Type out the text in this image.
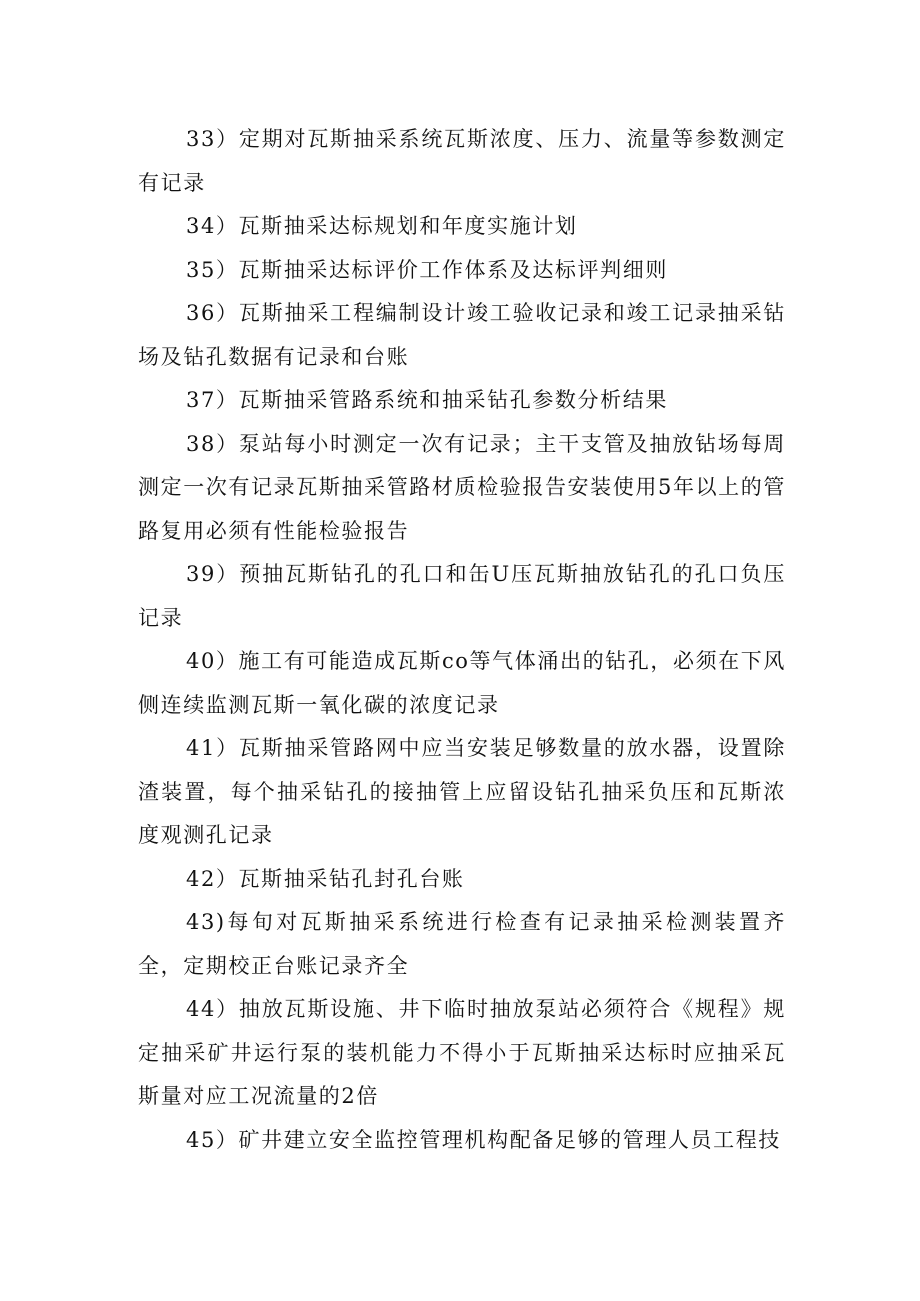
33）定期对瓦斯抽采系统瓦斯浓度、压力、流量等参数测定有记录

34）瓦斯抽采达标规划和年度实施计划

35）瓦斯抽采达标评价工作体系及达标评判细则

36）瓦斯抽采工程编制设计竣工验收记录和竣工记录抽采钻场及钻孔数据有记录和台账

37）瓦斯抽采管路系统和抽采钻孔参数分析结果

38）泵站每小时测定一次有记录；主干支管及抽放钻场每周测定一次有记录瓦斯抽采管路材质检验报告安装使用5年以上的管路复用必须有性能检验报告

39）预抽瓦斯钻孔的孔口和缶U压瓦斯抽放钻孔的孔口负压记录

40）施工有可能造成瓦斯co等气体涌出的钻孔，必须在下风侧连续监测瓦斯一氧化碳的浓度记录

41）瓦斯抽采管路网中应当安装足够数量的放水器，设置除渣装置，每个抽采钻孔的接抽管上应留设钻孔抽采负压和瓦斯浓度观测孔记录

42）瓦斯抽采钻孔封孔台账

43)每旬对瓦斯抽采系统进行检查有记录抽采检测装置齐全，定期校正台账记录齐全

44）抽放瓦斯设施、井下临时抽放泵站必须符合《规程》规定抽采矿井运行泵的装机能力不得小于瓦斯抽采达标时应抽采瓦斯量对应工况流量的2倍

45）矿井建立安全监控管理机构配备足够的管理人员工程技
